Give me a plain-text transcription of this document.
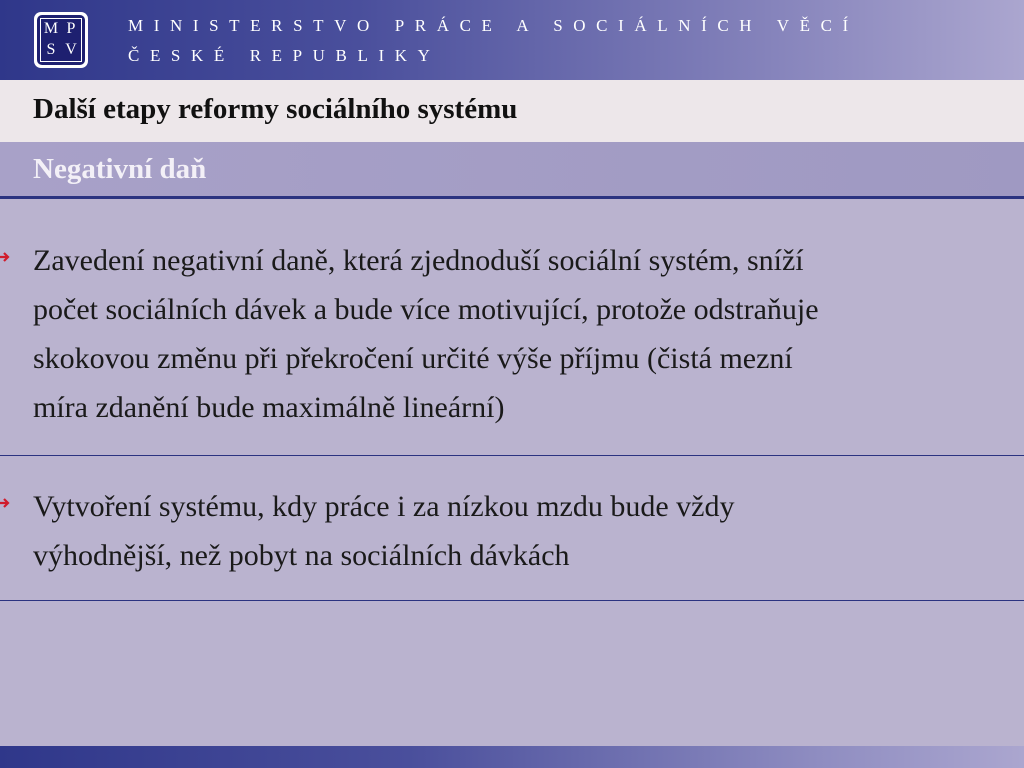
M P
S V
MINISTERSTVO PRÁCE A SOCIÁLNÍCH VĚCÍ
ČESKÉ REPUBLIKY
Další etapy reformy sociálního systému
Negativní daň
Zavedení negativní daně, která zjednoduší sociální systém, sníží
počet sociálních dávek a bude více motivující, protože odstraňuje
skokovou změnu při překročení určité výše příjmu (čistá mezní
míra zdanění bude maximálně lineární)
Vytvoření systému, kdy práce i za nízkou mzdu bude vždy
výhodnější, než pobyt na sociálních dávkách
